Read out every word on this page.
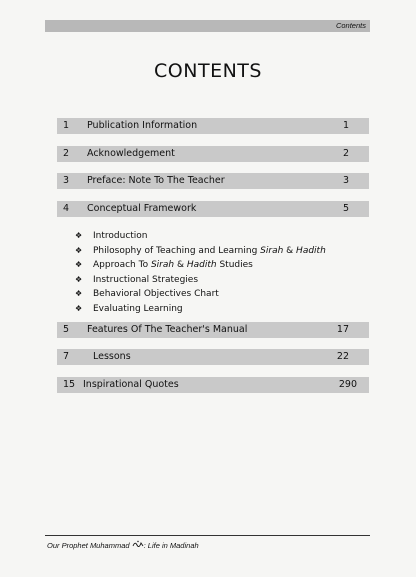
Contents
CONTENTS
1 Publication Information	1
2 Acknowledgement	2
3 Preface: Note To The Teacher	3
4 Conceptual Framework	5
❖ Introduction
❖ Philosophy of Teaching and Learning Sirah & Hadith
❖ Approach To Sirah & Hadith Studies
❖ Instructional Strategies
❖ Behavioral Objectives Chart
❖ Evaluating Learning
5 Features Of The Teacher's Manual	17
7	Lessons	22
15 Inspirational Quotes	290
Our Prophet Muhammad : Life in Madinah
